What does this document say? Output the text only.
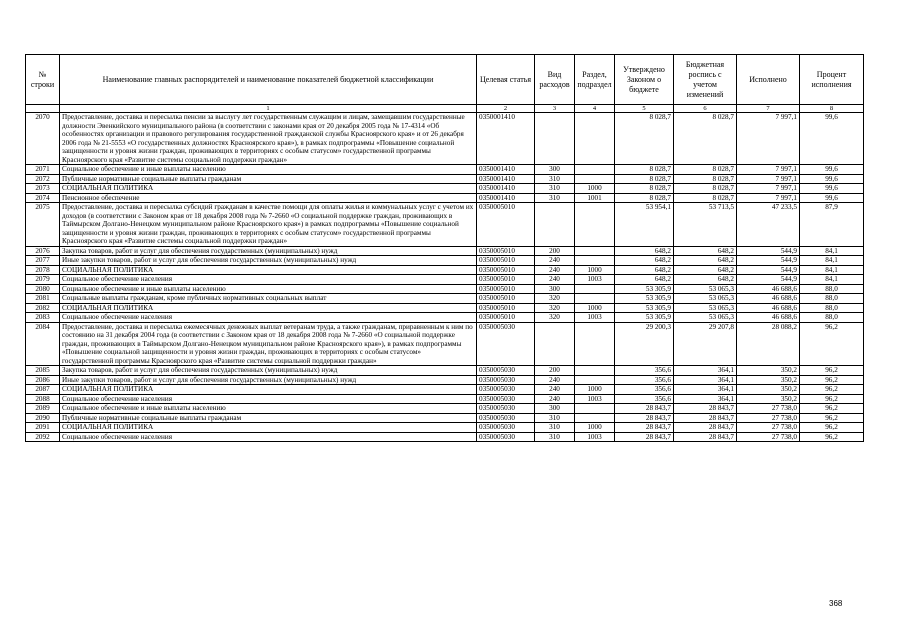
№ строки	Наименование главных распорядителей и наименование показателей бюджетной классификации	Целевая статья	Вид расходов	Раздел, подраздел	Утверждено Законом о бюджете	Бюджетная роспись с учетом изменений	Исполнено	Процент исполнения
	1	2	3	4	5	6	7	8
2070	Предоставление, доставка и пересылка пенсии за выслугу лет государственным служащим и лицам, замещавшим государственные должности Эвенкийского муниципального района (в соответствии с законами края от 20 декабря 2005 года № 17-4314 «Об особенностях организации и правового регулирования государственной гражданской службы Красноярского края» и от 26 декабря 2006 года № 21-5553 «О государственных должностях Красноярского края»), в рамках подпрограммы «Повышение социальной защищенности и уровня жизни граждан, проживающих в территориях с особым статусом» государственной программы Красноярского края «Развитие системы социальной поддержки граждан»	0350001410			8 028,7	8 028,7	7 997,1	99,6
2071	Социальное обеспечение и иные выплаты населению	0350001410	300		8 028,7	8 028,7	7 997,1	99,6
2072	Публичные нормативные социальные выплаты гражданам	0350001410	310		8 028,7	8 028,7	7 997,1	99,6
2073	СОЦИАЛЬНАЯ ПОЛИТИКА	0350001410	310	1000	8 028,7	8 028,7	7 997,1	99,6
2074	Пенсионное обеспечение	0350001410	310	1001	8 028,7	8 028,7	7 997,1	99,6
2075	Предоставление, доставка и пересылка субсидий гражданам в качестве помощи для оплаты жилья и коммунальных услуг с учетом их доходов (в соответствии с Законом края от 18 декабря 2008 года № 7-2660 «О социальной поддержке граждан, проживающих в Таймырском Долгано-Ненецком муниципальном районе Красноярского края») в рамках подпрограммы «Повышение социальной защищенности и уровня жизни граждан, проживающих в территориях с особым статусом» государственной программы Красноярского края «Развитие системы социальной поддержки граждан»	0350005010			53 954,1	53 713,5	47 233,5	87,9
2076	Закупка товаров, работ и услуг для обеспечения государственных (муниципальных) нужд	0350005010	200		648,2	648,2	544,9	84,1
2077	Иные закупки товаров, работ и услуг для обеспечения государственных (муниципальных) нужд	0350005010	240		648,2	648,2	544,9	84,1
2078	СОЦИАЛЬНАЯ ПОЛИТИКА	0350005010	240	1000	648,2	648,2	544,9	84,1
2079	Социальное обеспечение населения	0350005010	240	1003	648,2	648,2	544,9	84,1
2080	Социальное обеспечение и иные выплаты населению	0350005010	300		53 305,9	53 065,3	46 688,6	88,0
2081	Социальные выплаты гражданам, кроме публичных нормативных социальных выплат	0350005010	320		53 305,9	53 065,3	46 688,6	88,0
2082	СОЦИАЛЬНАЯ ПОЛИТИКА	0350005010	320	1000	53 305,9	53 065,3	46 688,6	88,0
2083	Социальное обеспечение населения	0350005010	320	1003	53 305,9	53 065,3	46 688,6	88,0
2084	Предоставление, доставка и пересылка ежемесячных денежных выплат ветеранам труда, а также гражданам, приравненным к ним по состоянию на 31 декабря 2004 года (в соответствии с Законом края от 18 декабря 2008 года № 7-2660 «О социальной поддержке граждан, проживающих в Таймырском Долгано-Ненецком муниципальном районе Красноярского края»), в рамках подпрограммы «Повышение социальной защищенности и уровня жизни граждан, проживающих в территориях с особым статусом» государственной программы Красноярского края «Развитие системы социальной поддержки граждан»	0350005030			29 200,3	29 207,8	28 088,2	96,2
2085	Закупка товаров, работ и услуг для обеспечения государственных (муниципальных) нужд	0350005030	200		356,6	364,1	350,2	96,2
2086	Иные закупки товаров, работ и услуг для обеспечения государственных (муниципальных) нужд	0350005030	240		356,6	364,1	350,2	96,2
2087	СОЦИАЛЬНАЯ ПОЛИТИКА	0350005030	240	1000	356,6	364,1	350,2	96,2
2088	Социальное обеспечение населения	0350005030	240	1003	356,6	364,1	350,2	96,2
2089	Социальное обеспечение и иные выплаты населению	0350005030	300		28 843,7	28 843,7	27 738,0	96,2
2090	Публичные нормативные социальные выплаты гражданам	0350005030	310		28 843,7	28 843,7	27 738,0	96,2
2091	СОЦИАЛЬНАЯ ПОЛИТИКА	0350005030	310	1000	28 843,7	28 843,7	27 738,0	96,2
2092	Социальное обеспечение населения	0350005030	310	1003	28 843,7	28 843,7	27 738,0	96,2
368
